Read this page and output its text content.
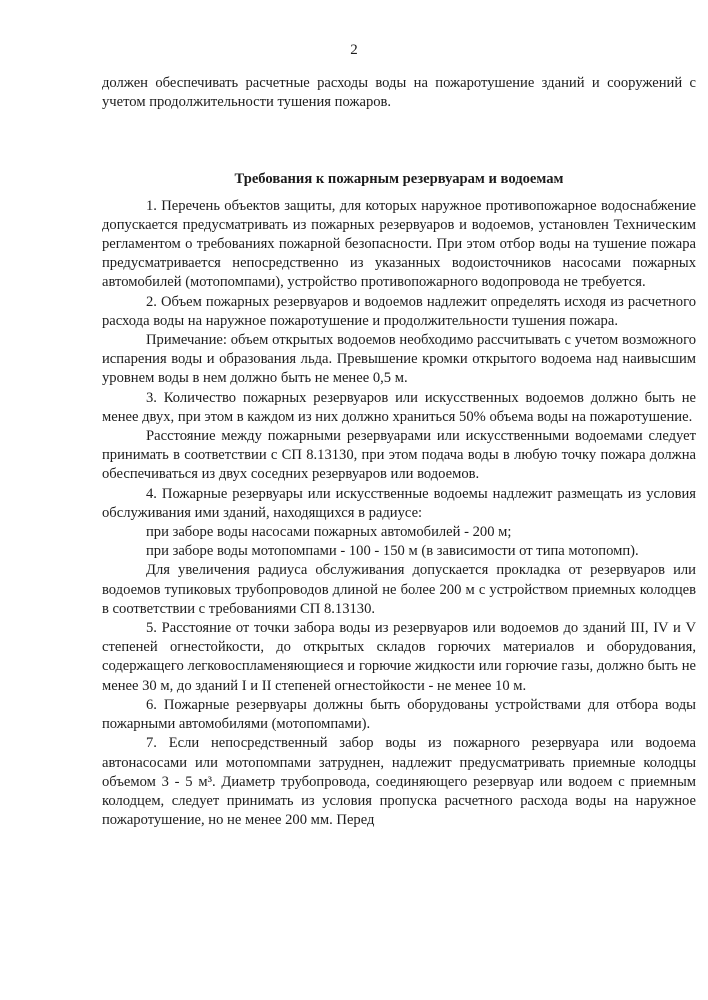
2

должен обеспечивать расчетные расходы воды на пожаротушение зданий и сооружений с учетом продолжительности тушения пожаров.

Требования к пожарным резервуарам и водоемам

1. Перечень объектов защиты, для которых наружное противопожарное водоснабжение допускается предусматривать из пожарных резервуаров и водоемов, установлен Техническим регламентом о требованиях пожарной безопасности. При этом отбор воды на тушение пожара предусматривается непосредственно из указанных водоисточников насосами пожарных автомобилей (мотопомпами), устройство противопожарного водопровода не требуется.

2. Объем пожарных резервуаров и водоемов надлежит определять исходя из расчетного расхода воды на наружное пожаротушение и продолжительности тушения пожара.

Примечание: объем открытых водоемов необходимо рассчитывать с учетом возможного испарения воды и образования льда. Превышение кромки открытого водоема над наивысшим уровнем воды в нем должно быть не менее 0,5 м.

3. Количество пожарных резервуаров или искусственных водоемов должно быть не менее двух, при этом в каждом из них должно храниться 50% объема воды на пожаротушение.

Расстояние между пожарными резервуарами или искусственными водоемами следует принимать в соответствии с СП 8.13130, при этом подача воды в любую точку пожара должна обеспечиваться из двух соседних резервуаров или водоемов.

4. Пожарные резервуары или искусственные водоемы надлежит размещать из условия обслуживания ими зданий, находящихся в радиусе:

при заборе воды насосами пожарных автомобилей - 200 м;

при заборе воды мотопомпами - 100 - 150 м (в зависимости от типа мотопомп).

Для увеличения радиуса обслуживания допускается прокладка от резервуаров или водоемов тупиковых трубопроводов длиной не более 200 м с устройством приемных колодцев в соответствии с требованиями СП 8.13130.

5. Расстояние от точки забора воды из резервуаров или водоемов до зданий III, IV и V степеней огнестойкости, до открытых складов горючих материалов и оборудования, содержащего легковоспламеняющиеся и горючие жидкости или горючие газы, должно быть не менее 30 м, до зданий I и II степеней огнестойкости - не менее 10 м.

6. Пожарные резервуары должны быть оборудованы устройствами для отбора воды пожарными автомобилями (мотопомпами).

7. Если непосредственный забор воды из пожарного резервуара или водоема автонасосами или мотопомпами затруднен, надлежит предусматривать приемные колодцы объемом 3 - 5 м³. Диаметр трубопровода, соединяющего резервуар или водоем с приемным колодцем, следует принимать из условия пропуска расчетного расхода воды на наружное пожаротушение, но не менее 200 мм. Перед
